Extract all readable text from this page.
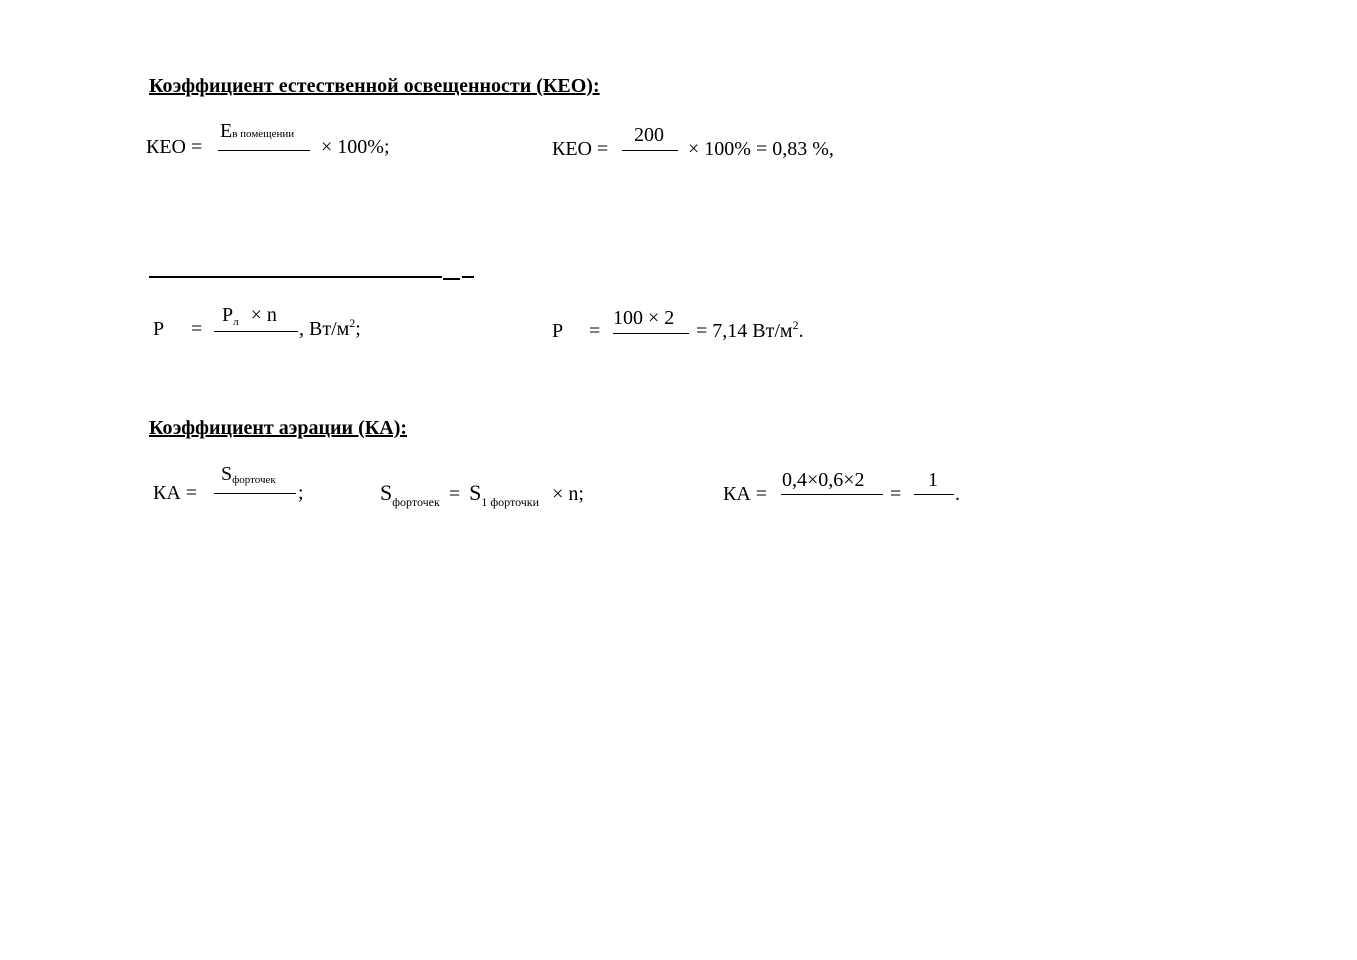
Коэффициент естественной освещенности (КЕО):
КЕО =
Eв помещении
× 100%;	КЕО =
200
× 100% = 0,83 %,
P =
$P_л \times n$
, $Вт/м^2$;	P =
100 × 2
= 7,14 $Вт/м^2$.
Коэффициент аэрации (КА):
КА =
Sфорточек
;	$S_{форточек} = S_{1 форточки} \times n$;	КА =
0,4×0,6×2
=
1
.
